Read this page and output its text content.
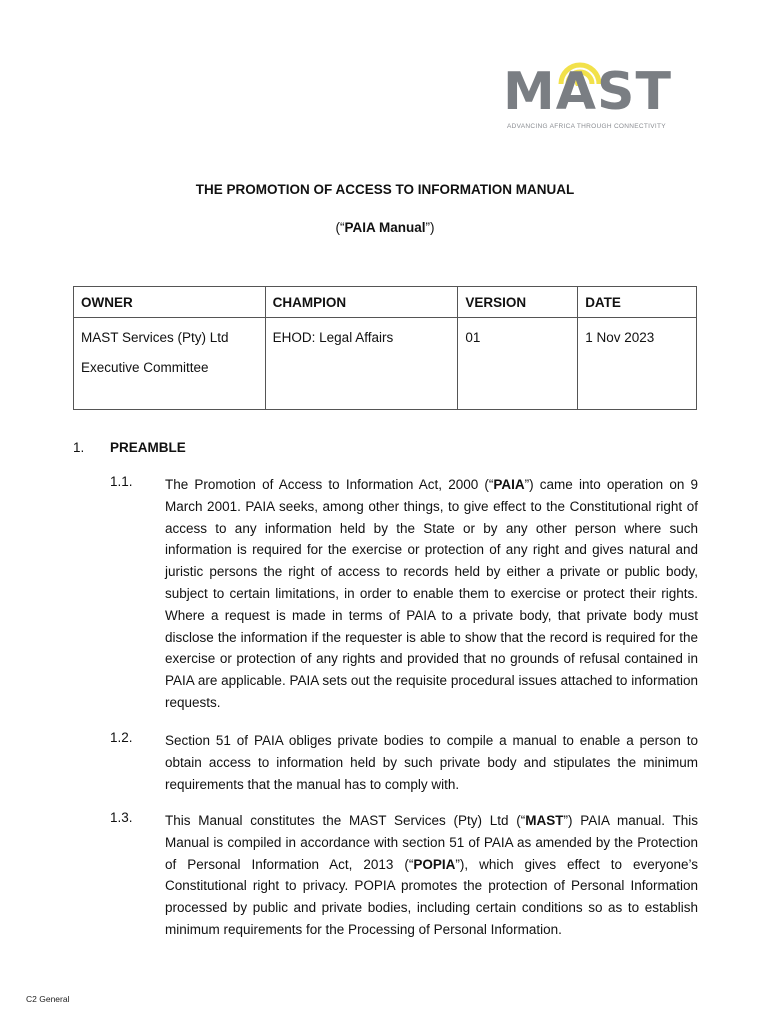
MAST
ADVANCING AFRICA THROUGH CONNECTIVITY
THE PROMOTION OF ACCESS TO INFORMATION MANUAL
(“PAIA Manual”)
OWNER	CHAMPION	VERSION	DATE

MAST Services (Pty) Ltd
Executive Committee	EHOD: Legal Affairs	01	1 Nov 2023
1. PREAMBLE
1.1. The Promotion of Access to Information Act, 2000 (“PAIA”) came into operation on 9 March 2001. PAIA seeks, among other things, to give effect to the Constitutional right of access to any information held by the State or by any other person where such information is required for the exercise or protection of any right and gives natural and juristic persons the right of access to records held by either a private or public body, subject to certain limitations, in order to enable them to exercise or protect their rights. Where a request is made in terms of PAIA to a private body, that private body must disclose the information if the requester is able to show that the record is required for the exercise or protection of any rights and provided that no grounds of refusal contained in PAIA are applicable. PAIA sets out the requisite procedural issues attached to information requests.
1.2. Section 51 of PAIA obliges private bodies to compile a manual to enable a person to obtain access to information held by such private body and stipulates the minimum requirements that the manual has to comply with.
1.3. This Manual constitutes the MAST Services (Pty) Ltd (“MAST”) PAIA manual. This Manual is compiled in accordance with section 51 of PAIA as amended by the Protection of Personal Information Act, 2013 (“POPIA”), which gives effect to everyone’s Constitutional right to privacy. POPIA promotes the protection of Personal Information processed by public and private bodies, including certain conditions so as to establish minimum requirements for the Processing of Personal Information.
C2 General
